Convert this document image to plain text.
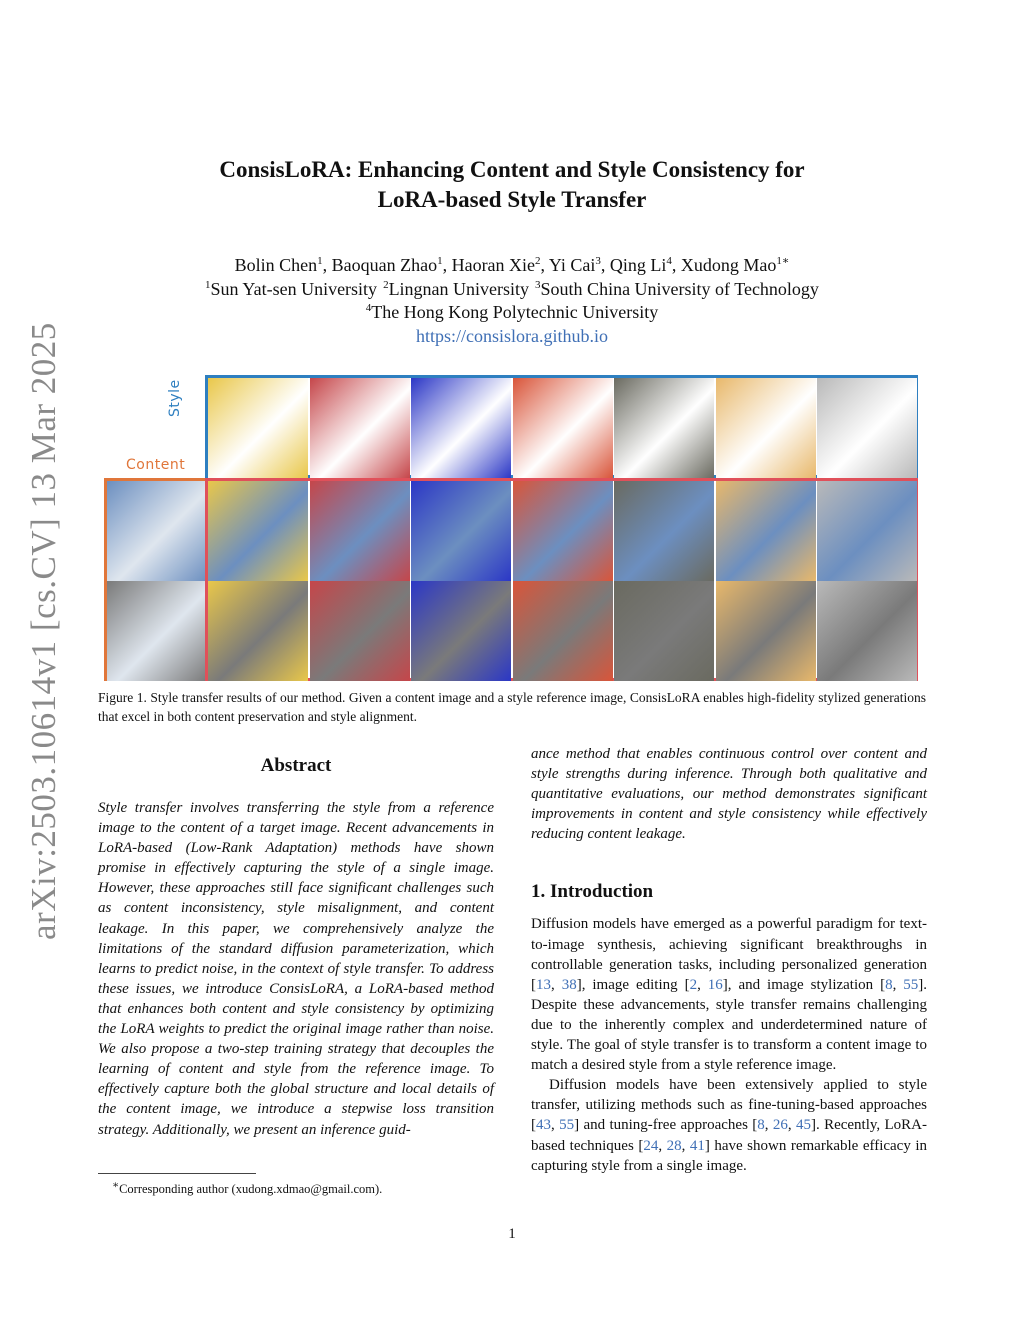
arXiv:2503.10614v1 [cs.CV] 13 Mar 2025
ConsisLoRA: Enhancing Content and Style Consistency for
LoRA-based Style Transfer
Bolin Chen$^1$, Baoquan Zhao$^1$, Haoran Xie$^2$, Yi Cai$^3$, Qing Li$^4$, Xudong Mao$^{1∗}$
$^1$Sun Yat-sen University $^2$Lingnan University $^3$South China University of Technology
$^4$The Hong Kong Polytechnic University
https://consislora.github.io
Style
Content
Figure 1. Style transfer results of our method. Given a content image and a style reference image, ConsisLoRA enables high-fidelity stylized generations that excel in both content preservation and style alignment.
Abstract

Style transfer involves transferring the style from a reference image to the content of a target image. Recent advancements in LoRA-based (Low-Rank Adaptation) methods have shown promise in effectively capturing the style of a single image. However, these approaches still face significant challenges such as content inconsistency, style misalignment, and content leakage. In this paper, we comprehensively analyze the limitations of the standard diffusion parameterization, which learns to predict noise, in the context of style transfer. To address these issues, we introduce ConsisLoRA, a LoRA-based method that enhances both content and style consistency by optimizing the LoRA weights to predict the original image rather than noise. We also propose a two-step training strategy that decouples the learning of content and style from the reference image. To effectively capture both the global structure and local details of the content image, we introduce a stepwise loss transition strategy. Additionally, we present an inference guid-

ance method that enables continuous control over content and style strengths during inference. Through both qualitative and quantitative evaluations, our method demonstrates significant improvements in content and style consistency while effectively reducing content leakage.

1. Introduction

Diffusion models have emerged as a powerful paradigm for text-to-image synthesis, achieving significant breakthroughs in controllable generation tasks, including personalized generation [13, 38], image editing [2, 16], and image stylization [8, 55]. Despite these advancements, style transfer remains challenging due to the inherently complex and underdetermined nature of style. The goal of style transfer is to transform a content image to match a desired style from a style reference image.

Diffusion models have been extensively applied to style transfer, utilizing methods such as fine-tuning-based approaches [43, 55] and tuning-free approaches [8, 26, 45]. Recently, LoRA-based techniques [24, 28, 41] have shown remarkable efficacy in capturing style from a single image.

∗Corresponding author (xudong.xdmao@gmail.com).
1
